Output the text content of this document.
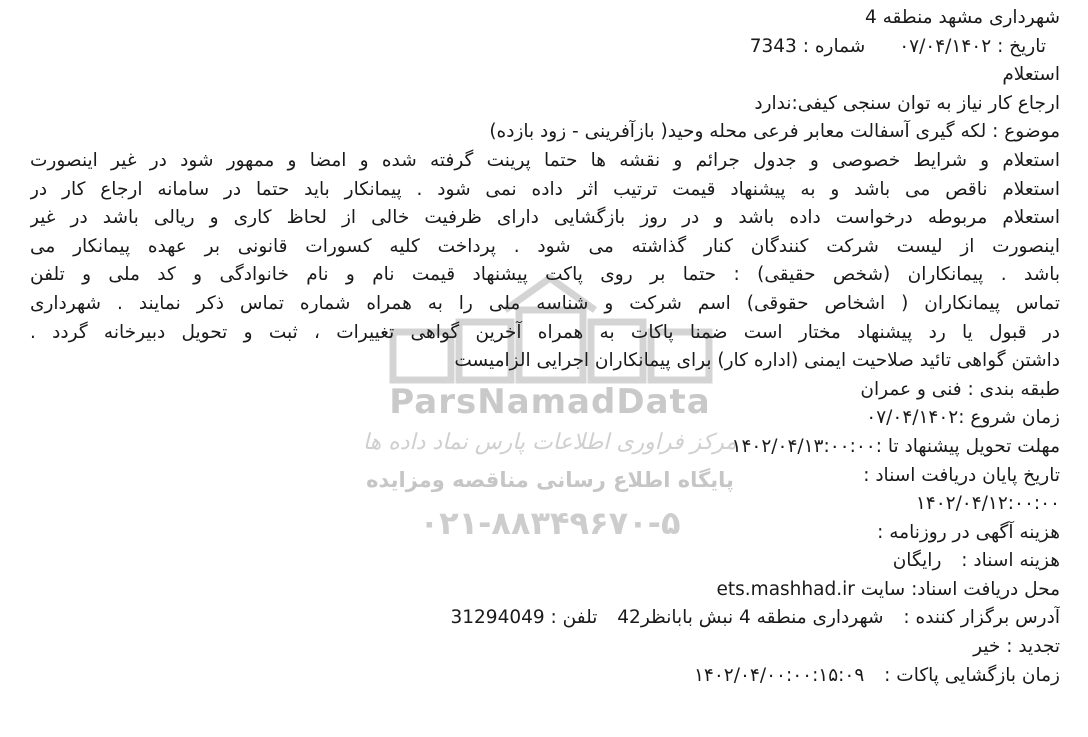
ParsNamadData
مرکز فراوری اطلاعات پارس نماد داده ها
پایگاه اطلاع رسانی مناقصه ومزایده
۰۲۱-۸۸۳۴۹۶۷۰-۵
شهرداری مشهد منطقه 4
تاریخ : ۰۷/۰۴/۱۴۰۲ شماره : 7343
استعلام
ارجاع کار نیاز به توان سنجی کیفی:ندارد
موضوع : لکه گیری آسفالت معابر فرعی محله وحید( بازآفرینی - زود بازده)
استعلام و شرایط خصوصی و جدول جرائم و نقشه ها حتما پرینت گرفته شده و امضا و ممهور شود در غیر اینصورت
استعلام ناقص می باشد و به پیشنهاد قیمت ترتیب اثر داده نمی شود . پیمانکار باید حتما در سامانه ارجاع کار در
استعلام مربوطه درخواست داده باشد و در روز بازگشایی دارای ظرفیت خالی از لحاظ کاری و ریالی باشد در غیر
اینصورت از لیست شرکت کنندگان کنار گذاشته می شود . پرداخت کلیه کسورات قانونی بر عهده پیمانکار می
باشد . پیمانکاران (شخص حقیقی) : حتما بر روی پاکت پیشنهاد قیمت نام و نام خانوادگی و کد ملی و تلفن
تماس پیمانکاران ( اشخاص حقوقی) اسم شرکت و شناسه ملی را به همراه شماره تماس ذکر نمایند . شهرداری
در قبول یا رد پیشنهاد مختار است ضمنا پاکات به همراه آخرین گواهی تغییرات ، ثبت و تحویل دبیرخانه گردد .
داشتن گواهی تائید صلاحیت ایمنی (اداره کار) برای پیمانکاران اجرایی الزامیست
طبقه بندی : فنی و عمران
زمان شروع :۰۷/۰۴/۱۴۰۲
مهلت تحویل پیشنهاد تا :۱۴۰۲/۰۴/۱۳:۰۰:۰۰
تاریخ پایان دریافت اسناد :
۱۴۰۲/۰۴/۱۲:۰۰:۰۰
هزینه آگهی در روزنامه :
هزینه اسناد : رایگان
محل دریافت اسناد: سایت ets.mashhad.ir
آدرس برگزار کننده : شهرداری منطقه 4 نبش بابانظر42 تلفن : 31294049
تجدید : خیر
زمان بازگشایی پاکات : ۱۴۰۲/۰۴/۰۰:۰۰:۱۵:۰۹
